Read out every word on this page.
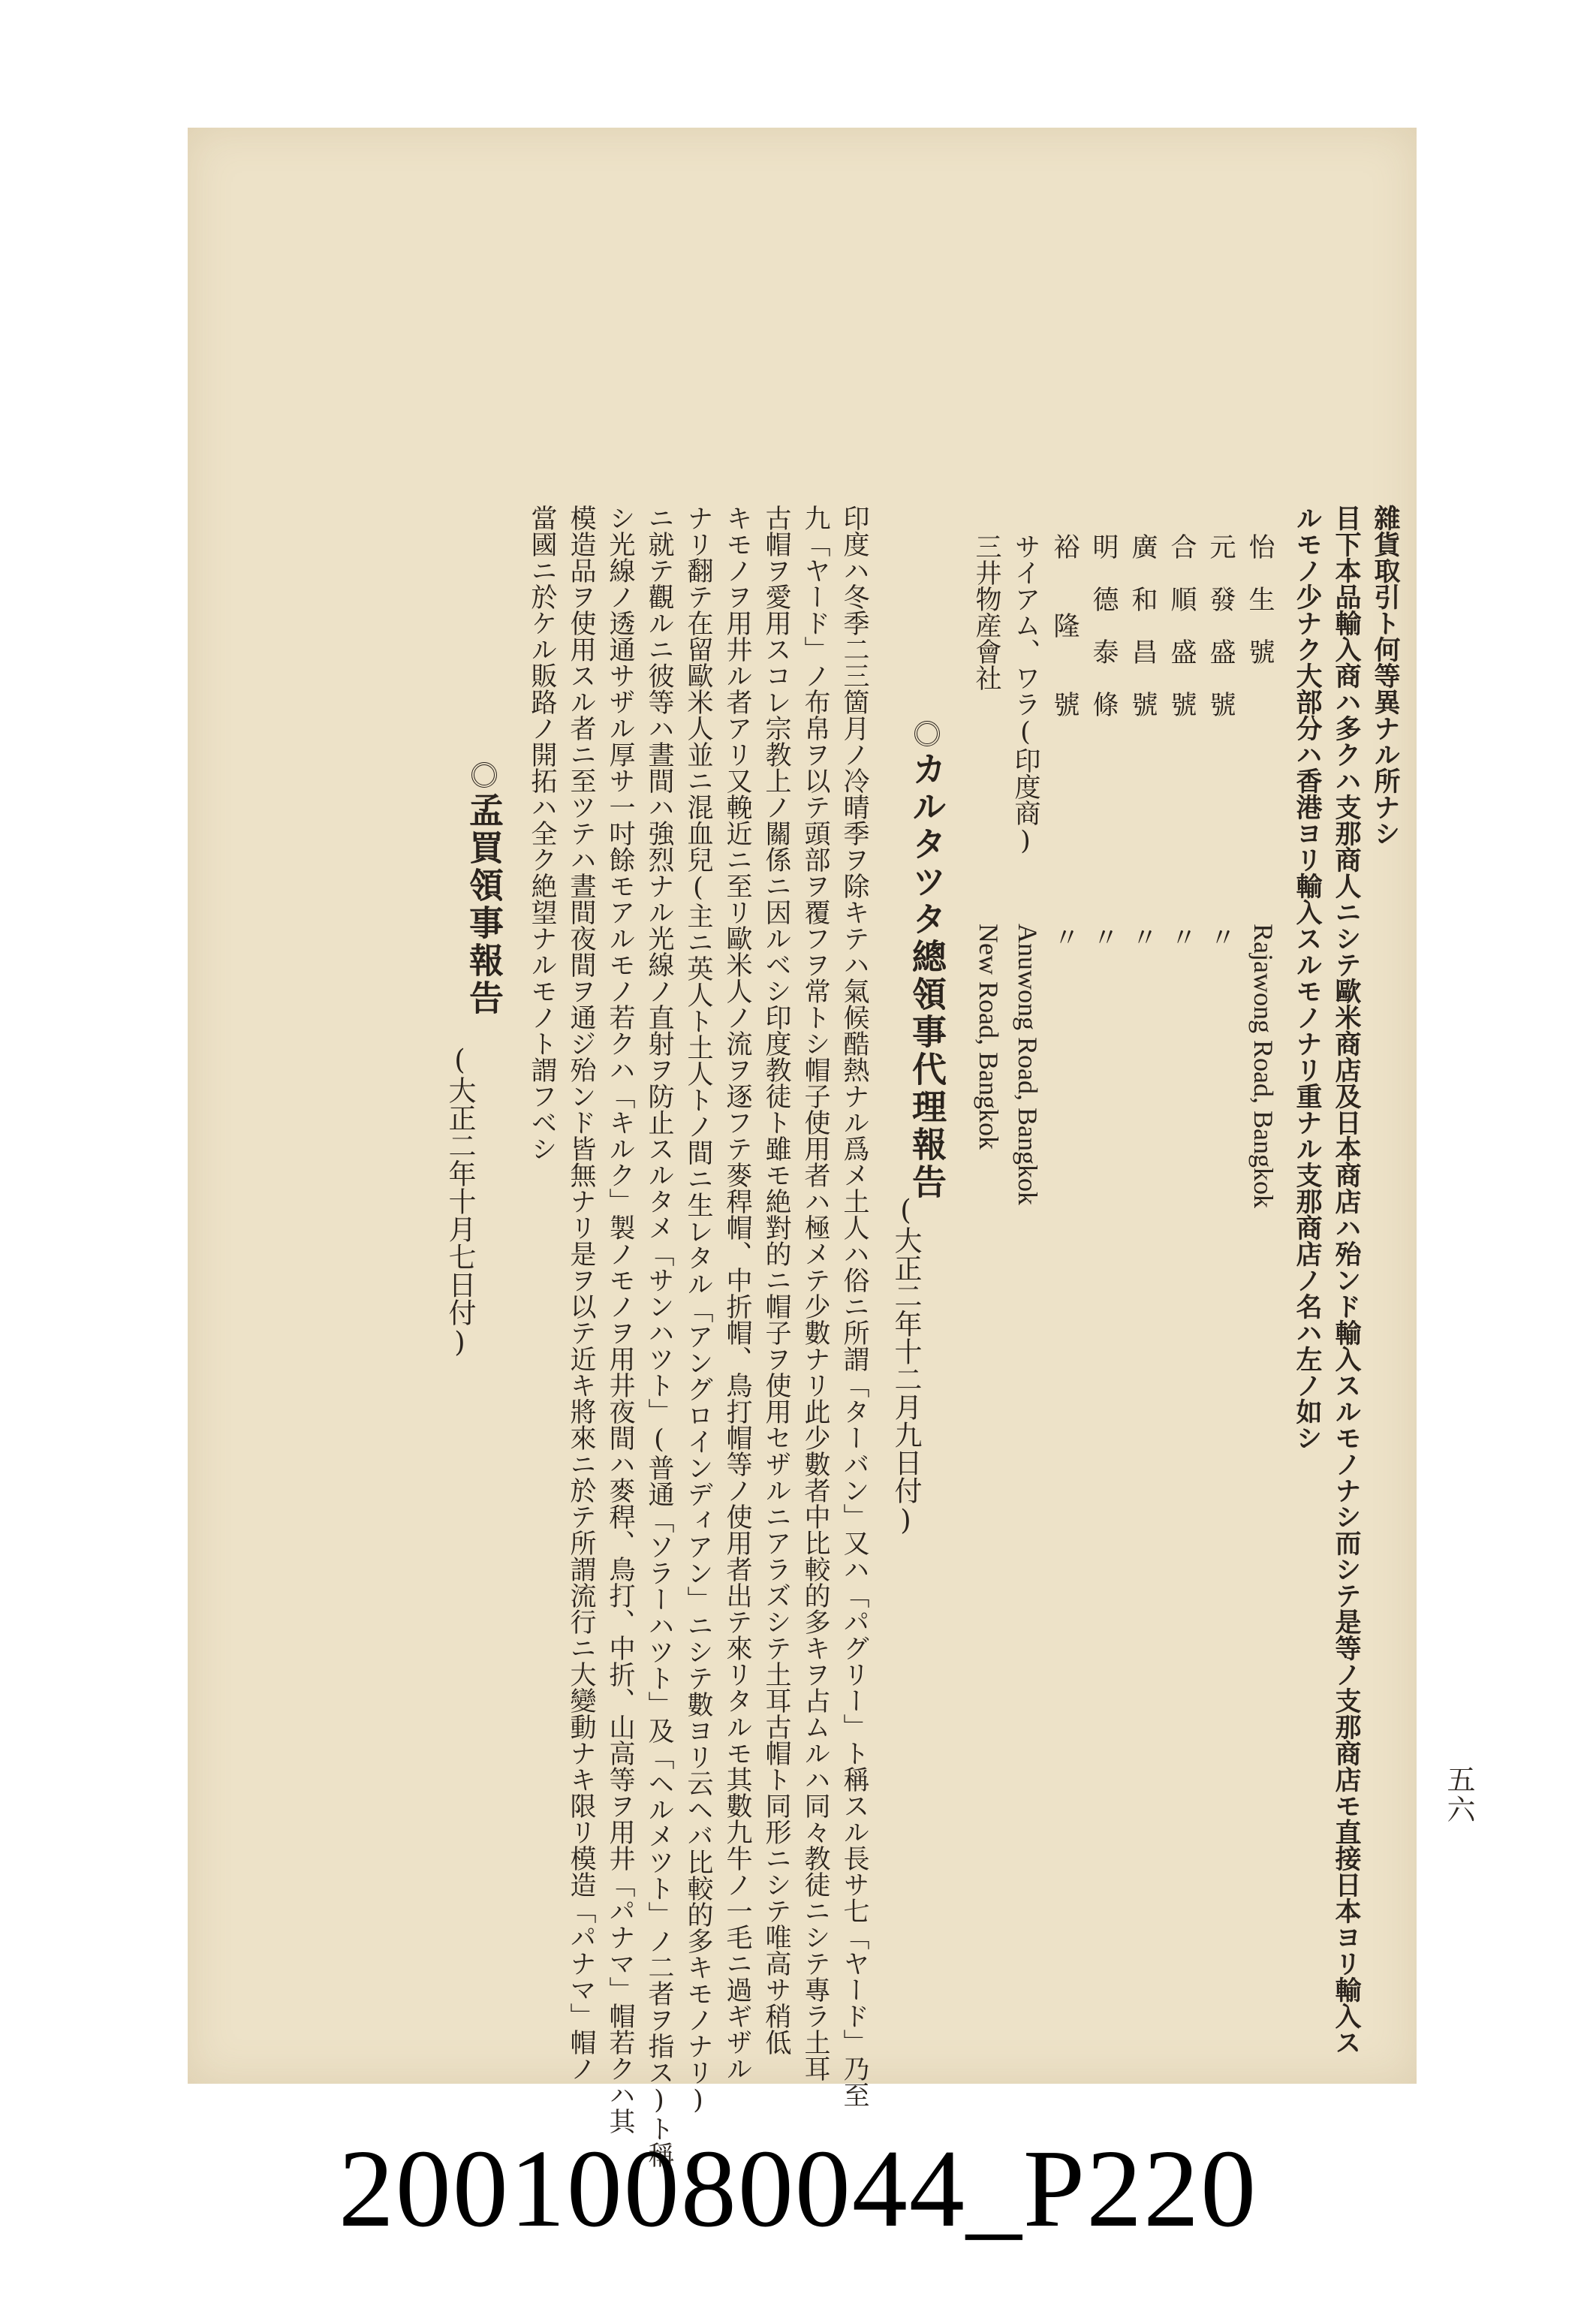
五六
雜貨取引ト何等異ナル所ナシ
目下本品輸入商ハ多クハ支那商人ニシテ歐米商店及日本商店ハ殆ンド輸入スルモノナシ而シテ是等ノ支那商店モ直接日本ヨリ輸入ス
ルモノ少ナク大部分ハ香港ヨリ輸入スルモノナリ重ナル支那商店ノ名ハ左ノ如シ
怡　生　號
Rajawong Road, Bangkok
元　發　盛　號
〃
合　順　盛　號
〃
廣　和　昌　號
〃
明　德　泰　條
〃
裕　　隆　　號
〃
サイアム、ワラ(印度商)
Anuwong Road, Bangkok
三井物産會社
New Road, Bangkok
カルタツタ總領事代理報告
(大正二年十二月九日付)
印度ハ冬季二三箇月ノ冷晴季ヲ除キテハ氣候酷熱ナル爲メ土人ハ俗ニ所謂「ターバン」又ハ「パグリー」ト稱スル長サ七「ヤード」乃至
九「ヤード」ノ布帛ヲ以テ頭部ヲ覆フヲ常トシ帽子使用者ハ極メテ少數ナリ此少數者中比較的多キヲ占ムルハ同々教徒ニシテ專ラ土耳
古帽ヲ愛用スコレ宗教上ノ關係ニ因ルベシ印度教徒ト雖モ絶對的ニ帽子ヲ使用セザルニアラズシテ土耳古帽ト同形ニシテ唯高サ稍低
キモノヲ用井ル者アリ又輓近ニ至リ歐米人ノ流ヲ逐フテ麥稈帽、中折帽、鳥打帽等ノ使用者出テ來リタルモ其數九牛ノ一毛ニ過ギザル
ナリ翻テ在留歐米人並ニ混血兒(主ニ英人ト土人トノ間ニ生レタル「アングロインディアン」ニシテ數ヨリ云ヘバ比較的多キモノナリ)
ニ就テ觀ルニ彼等ハ晝間ハ強烈ナル光線ノ直射ヲ防止スルタメ「サンハツト」(普通「ソラーハツト」及「ヘルメツト」ノ二者ヲ指ス)ト稱
シ光線ノ透通サザル厚サ一吋餘モアルモノ若クハ「キルク」製ノモノヲ用井夜間ハ麥稈、鳥打、中折、山高等ヲ用井「パナマ」帽若クハ其
模造品ヲ使用スル者ニ至ツテハ晝間夜間ヲ通ジ殆ンド皆無ナリ是ヲ以テ近キ將來ニ於テ所謂流行ニ大變動ナキ限リ模造「パナマ」帽ノ
當國ニ於ケル販路ノ開拓ハ全ク絶望ナルモノト謂フベシ
孟買領事報告
(大正二年十月七日付)
20010080044_P220
